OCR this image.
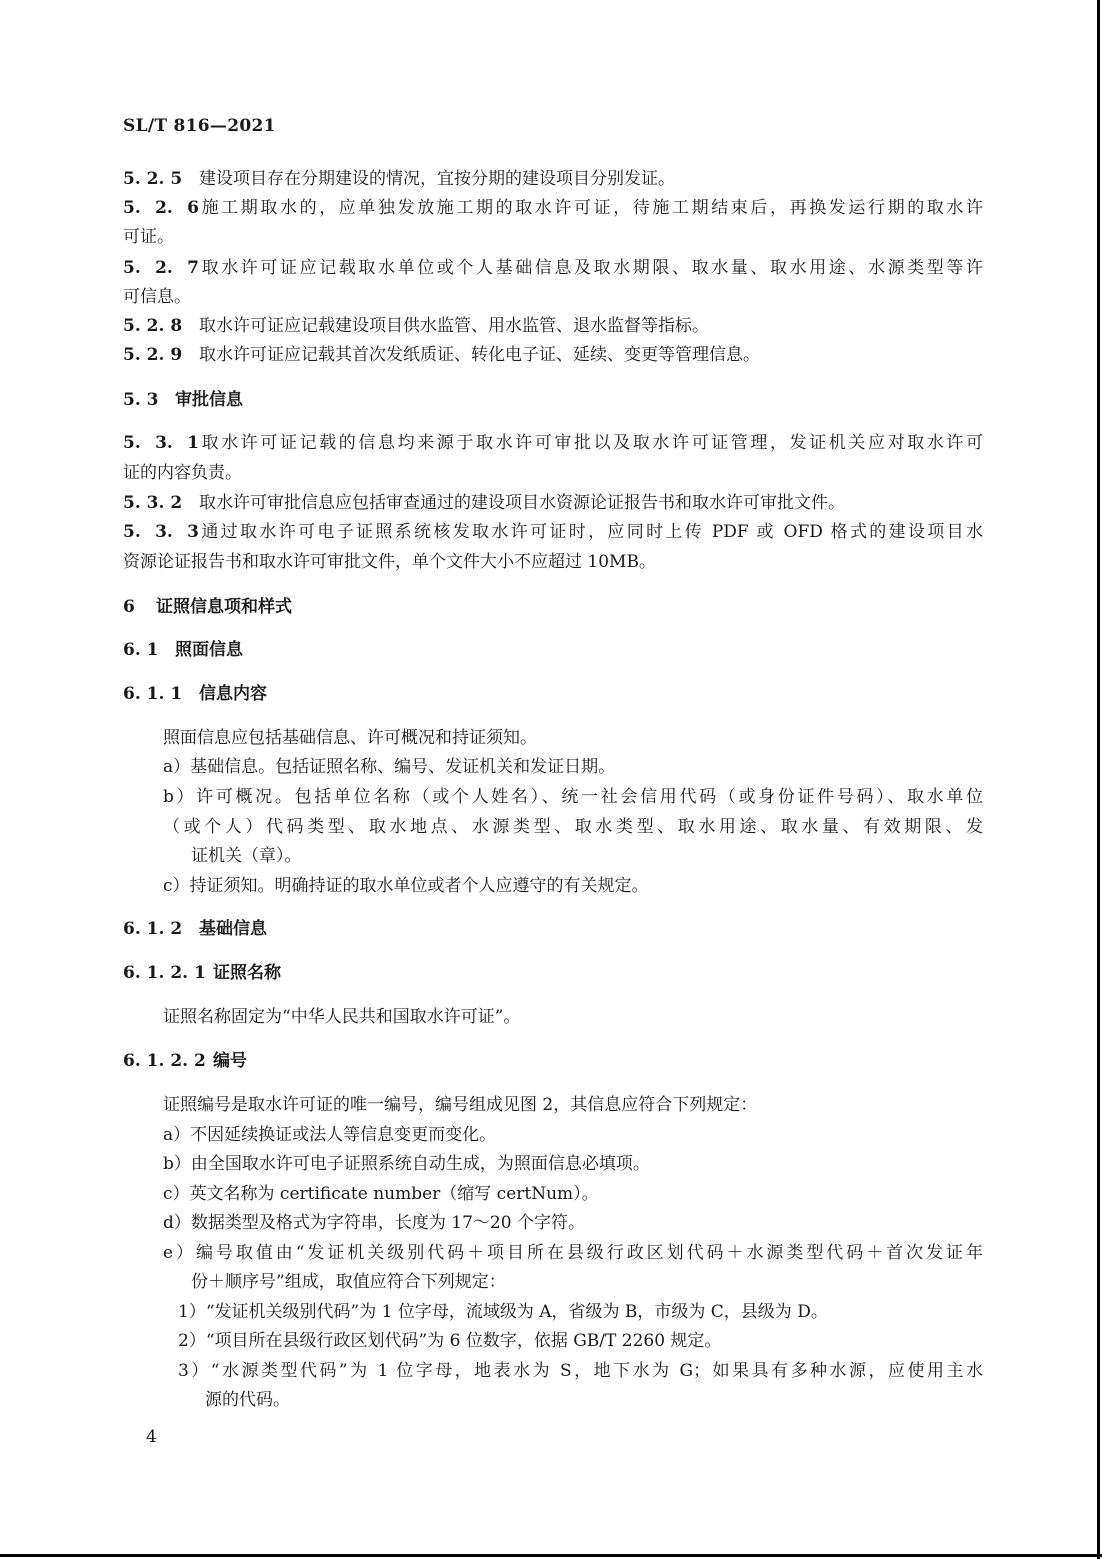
SL/T 816—2021
5. 2. 5 建设项目存在分期建设的情况，宜按分期的建设项目分别发证。
5. 2. 6施工期取水的，应单独发放施工期的取水许可证，待施工期结束后，再换发运行期的取水许
可证。
5. 2. 7取水许可证应记载取水单位或个人基础信息及取水期限、取水量、取水用途、水源类型等许
可信息。
5. 2. 8 取水许可证应记载建设项目供水监管、用水监管、退水监督等指标。
5. 2. 9 取水许可证应记载其首次发纸质证、转化电子证、延续、变更等管理信息。
5. 3 审批信息
5. 3. 1取水许可证记载的信息均来源于取水许可审批以及取水许可证管理，发证机关应对取水许可
证的内容负责。
5. 3. 2 取水许可审批信息应包括审查通过的建设项目水资源论证报告书和取水许可审批文件。
5. 3. 3通过取水许可电子证照系统核发取水许可证时，应同时上传 PDF 或 OFD 格式的建设项目水
资源论证报告书和取水许可审批文件，单个文件大小不应超过 10MB。
6 证照信息项和样式
6. 1 照面信息
6. 1. 1 信息内容
照面信息应包括基础信息、许可概况和持证须知。
a）基础信息。包括证照名称、编号、发证机关和发证日期。
b）许可概况。包括单位名称（或个人姓名）、统一社会信用代码（或身份证件号码）、取水单位
（或个人）代码类型、取水地点、水源类型、取水类型、取水用途、取水量、有效期限、发
证机关（章）。
c）持证须知。明确持证的取水单位或者个人应遵守的有关规定。
6. 1. 2 基础信息
6. 1. 2. 1 证照名称
证照名称固定为“中华人民共和国取水许可证”。
6. 1. 2. 2 编号
证照编号是取水许可证的唯一编号，编号组成见图 2，其信息应符合下列规定：
a）不因延续换证或法人等信息变更而变化。
b）由全国取水许可电子证照系统自动生成，为照面信息必填项。
c）英文名称为 certificate number（缩写 certNum）。
d）数据类型及格式为字符串，长度为 17～20 个字符。
e）编号取值由“发证机关级别代码＋项目所在县级行政区划代码＋水源类型代码＋首次发证年
份＋顺序号”组成，取值应符合下列规定：
1）“发证机关级别代码”为 1 位字母，流域级为 A，省级为 B，市级为 C，县级为 D。
2）“项目所在县级行政区划代码”为 6 位数字，依据 GB/T 2260 规定。
3）“水源类型代码”为 1 位字母，地表水为 S，地下水为 G；如果具有多种水源，应使用主水
源的代码。
4
